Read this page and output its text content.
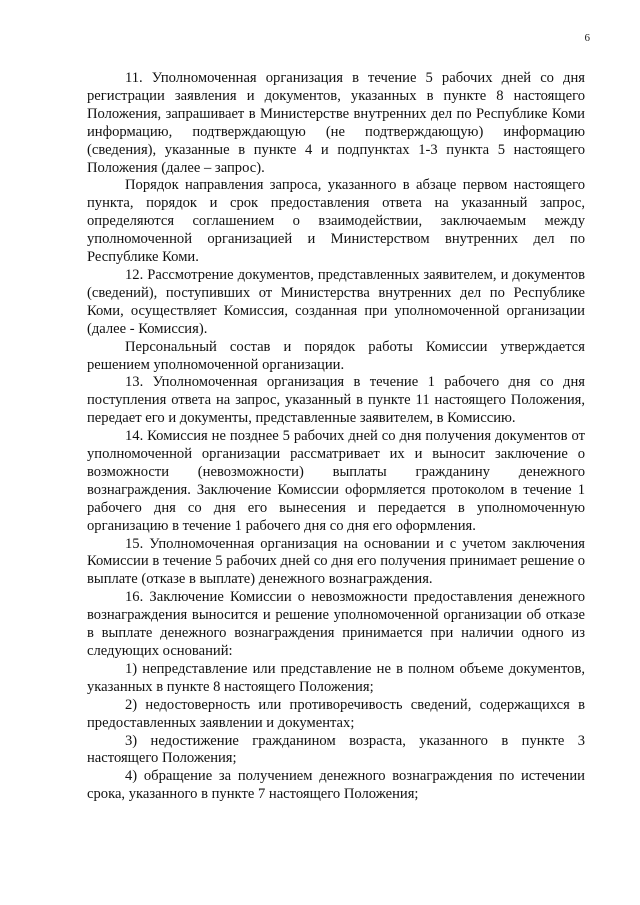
6

11. Уполномоченная организация в течение 5 рабочих дней со дня регистрации заявления и документов, указанных в пункте 8 настоящего Положения, запрашивает в Министерстве внутренних дел по Республике Коми информацию, подтверждающую (не подтверждающую) информацию (сведения), указанные в пункте 4 и подпунктах 1-3 пункта 5 настоящего Положения (далее – запрос).

Порядок направления запроса, указанного в абзаце первом настоящего пункта, порядок и срок предоставления ответа на указанный запрос, определяются соглашением о взаимодействии, заключаемым между уполномоченной организацией и Министерством внутренних дел по Республике Коми.

12. Рассмотрение документов, представленных заявителем, и документов (сведений), поступивших от Министерства внутренних дел по Республике Коми, осуществляет Комиссия, созданная при уполномоченной организации (далее - Комиссия).

Персональный состав и порядок работы Комиссии утверждается решением уполномоченной организации.

13. Уполномоченная организация в течение 1 рабочего дня со дня поступления ответа на запрос, указанный в пункте 11 настоящего Положения, передает его и документы, представленные заявителем, в Комиссию.

14. Комиссия не позднее 5 рабочих дней со дня получения документов от уполномоченной организации рассматривает их и выносит заключение о возможности (невозможности) выплаты гражданину денежного вознаграждения. Заключение Комиссии оформляется протоколом в течение 1 рабочего дня со дня его вынесения и передается в уполномоченную организацию в течение 1 рабочего дня со дня его оформления.

15. Уполномоченная организация на основании и с учетом заключения Комиссии в течение 5 рабочих дней со дня его получения принимает решение о выплате (отказе в выплате) денежного вознаграждения.

16. Заключение Комиссии о невозможности предоставления денежного вознаграждения выносится и решение уполномоченной организации об отказе в выплате денежного вознаграждения принимается при наличии одного из следующих оснований:

1) непредставление или представление не в полном объеме документов, указанных в пункте 8 настоящего Положения;

2) недостоверность или противоречивость сведений, содержащихся в предоставленных заявлении и документах;

3) недостижение гражданином возраста, указанного в пункте 3 настоящего Положения;

4) обращение за получением денежного вознаграждения по истечении срока, указанного в пункте 7 настоящего Положения;
